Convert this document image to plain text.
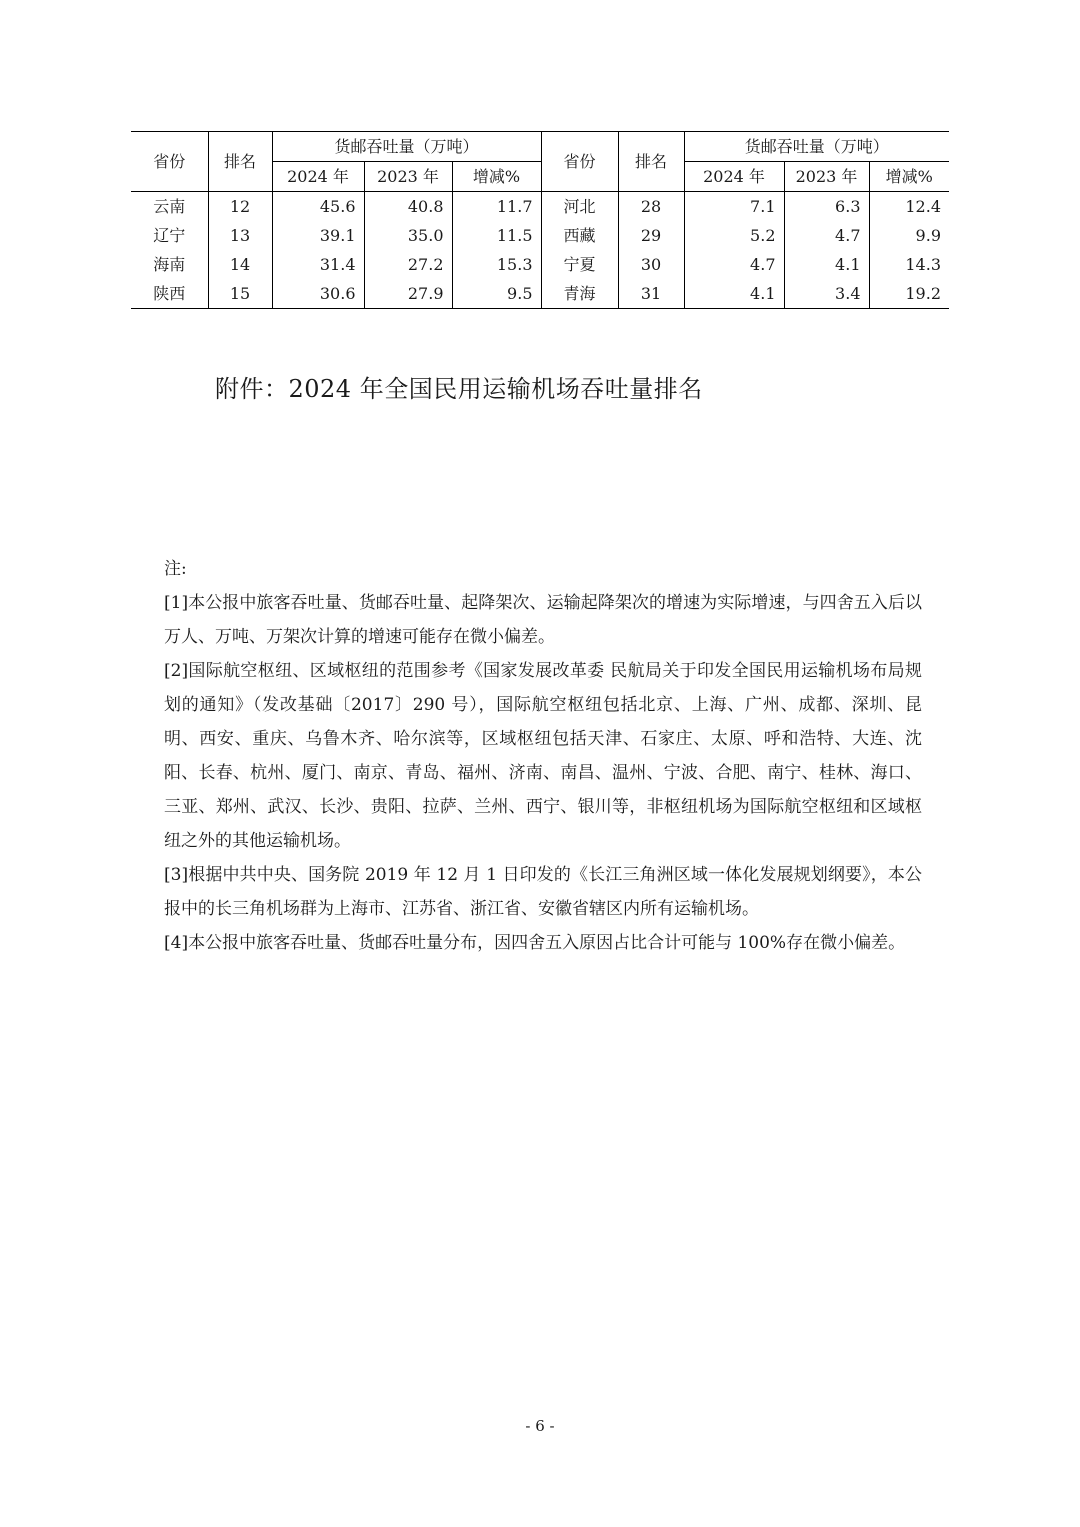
省份	排名	货邮吞吐量（万吨）			省份	排名	货邮吞吐量（万吨）		
		2024 年	2023 年	增减%			2024 年	2023 年	增减%
云南	12	45.6	40.8	11.7	河北	28	7.1	6.3	12.4
辽宁	13	39.1	35.0	11.5	西藏	29	5.2	4.7	9.9
海南	14	31.4	27.2	15.3	宁夏	30	4.7	4.1	14.3
陕西	15	30.6	27.9	9.5	青海	31	4.1	3.4	19.2
附件：2024 年全国民用运输机场吞吐量排名
注:

[1]本公报中旅客吞吐量、货邮吞吐量、起降架次、运输起降架次的增速为实际增速，与四舍五入后以万人、万吨、万架次计算的增速可能存在微小偏差。

[2]国际航空枢纽、区域枢纽的范围参考《国家发展改革委 民航局关于印发全国民用运输机场布局规划的通知》（发改基础〔2017〕290 号），国际航空枢纽包括北京、上海、广州、成都、深圳、昆明、西安、重庆、乌鲁木齐、哈尔滨等，区域枢纽包括天津、石家庄、太原、呼和浩特、大连、沈阳、长春、杭州、厦门、南京、青岛、福州、济南、南昌、温州、宁波、合肥、南宁、桂林、海口、三亚、郑州、武汉、长沙、贵阳、拉萨、兰州、西宁、银川等，非枢纽机场为国际航空枢纽和区域枢纽之外的其他运输机场。

[3]根据中共中央、国务院 2019 年 12 月 1 日印发的《长江三角洲区域一体化发展规划纲要》，本公报中的长三角机场群为上海市、江苏省、浙江省、安徽省辖区内所有运输机场。

[4]本公报中旅客吞吐量、货邮吞吐量分布，因四舍五入原因占比合计可能与 100%存在微小偏差。

- 6 -
